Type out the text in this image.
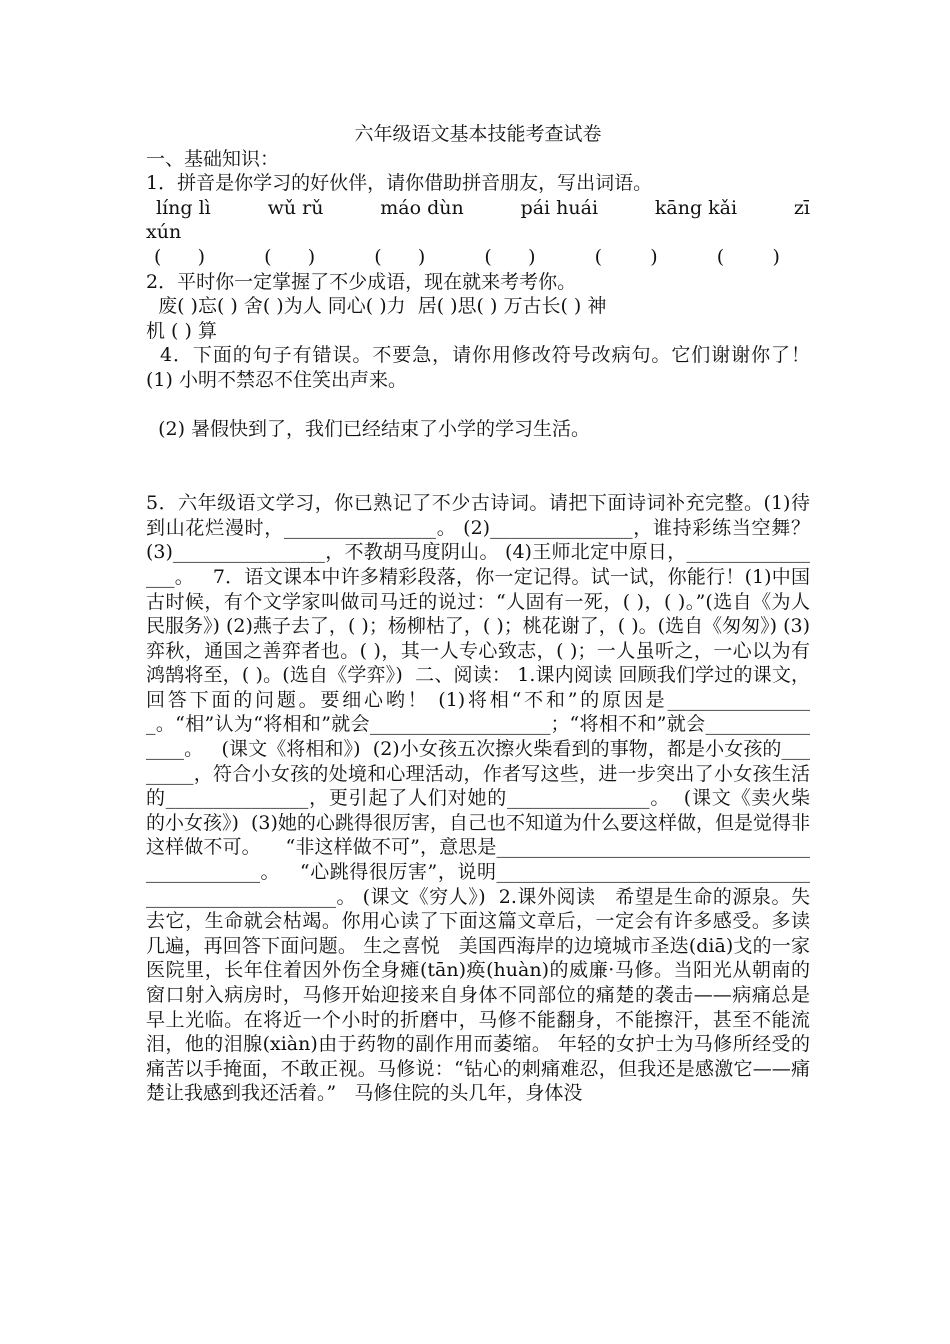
六年级语文基本技能考查试卷

一、基础知识：

1．拼音是你学习的好伙伴，请你借助拼音朋友，写出词语。

líng lì	wǔ rǔ	máo dùn	pái huái	kāng kǎi	zī

xún

(      )	(      )	(      )	(      )	(        )	(        )

2．平时你一定掌握了不少成语，现在就来考考你。

废( )忘( ) 舍( )为人 同心( )力  居( )思( ) 万古长( ) 神

机 ( ) 算

4．下面的句子有错误。不要急，请你用修改符号改病句。它们谢谢你了！    (1) 小明不禁忍不住笑出声来。

(2) 暑假快到了，我们已经结束了小学的学习生活。

5．六年级语文学习，你已熟记了不少古诗词。请把下面诗词补充完整。(1)待到山花烂漫时，________________。 (2)_______________，谁持彩练当空舞？ (3)________________，不教胡马度阴山。 (4)王师北定中原日，________________。   7．语文课本中许多精彩段落，你一定记得。试一试，你能行！(1)中国古时候，有个文学家叫做司马迁的说过：“人固有一死，( )，( )。”(选自《为人民服务》) (2)燕子去了，( )；杨柳枯了，( )；桃花谢了，( )。(选自《匆匆》) (3)弈秋，通国之善弈者也。( )，其一人专心致志，( )；一人虽听之，一心以为有鸿鹄将至，( )。(选自《学弈》)  二、阅读： 1.课内阅读 回顾我们学过的课文，回答下面的问题。要细心哟！ (1)将相“不和”的原因是________________。“相”认为“将相和”就会___________________；“将相不和”就会_______________。   (课文《将相和》)  (2)小女孩五次擦火柴看到的事物，都是小女孩的________，符合小女孩的处境和心理活动，作者写这些，进一步突出了小女孩生活的_______________，更引起了人们对她的_______________。  (课文《卖火柴的小女孩》)  (3)她的心跳得很厉害，自己也不知道为什么要这样做，但是觉得非这样做不可。    “非这样做不可”，意思是_____________________________________________。   “心跳得很厉害”，说明_____________________________________________________。 (课文《穷人》)  2.课外阅读   希望是生命的源泉。失去它，生命就会枯竭。你用心读了下面这篇文章后，一定会有许多感受。多读几遍，再回答下面问题。 生之喜悦   美国西海岸的边境城市圣迭(diā)戈的一家医院里，长年住着因外伤全身瘫(tān)痪(huàn)的威廉·马修。当阳光从朝南的窗口射入病房时，马修开始迎接来自身体不同部位的痛楚的袭击——病痛总是早上光临。在将近一个小时的折磨中，马修不能翻身，不能擦汗，甚至不能流泪，他的泪腺(xiàn)由于药物的副作用而萎缩。 年轻的女护士为马修所经受的痛苦以手掩面，不敢正视。马修说：“钻心的刺痛难忍，但我还是感激它——痛楚让我感到我还活着。”   马修住院的头几年，身体没
